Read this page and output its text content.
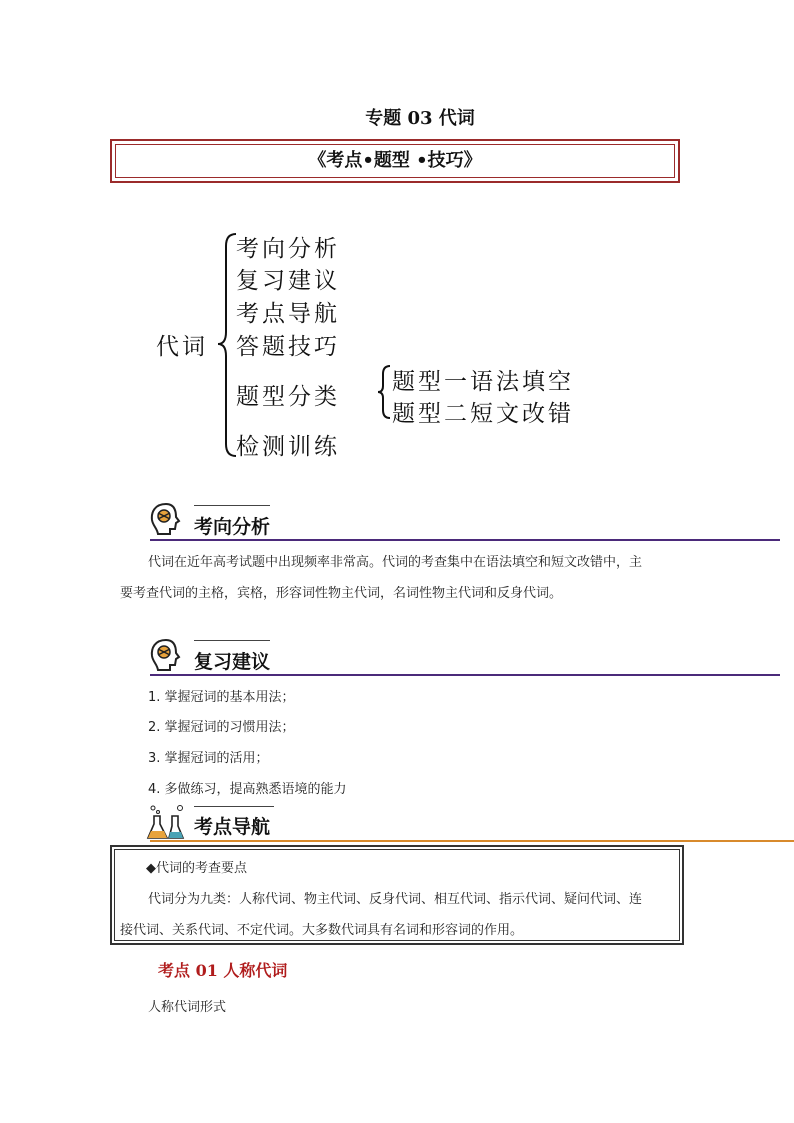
专题 03 代词
《考点•题型 •技巧》
代词
考向分析
复习建议
考点导航
答题技巧
题型分类
检测训练
题型一语法填空
题型二短文改错
考向分析
代词在近年高考试题中出现频率非常高。代词的考查集中在语法填空和短文改错中，主
要考查代词的主格，宾格，形容词性物主代词，名词性物主代词和反身代词。
复习建议
1. 掌握冠词的基本用法；
2. 掌握冠词的习惯用法；
3. 掌握冠词的活用；
4. 多做练习，提高熟悉语境的能力
考点导航
◆代词的考查要点
代词分为九类：人称代词、物主代词、反身代词、相互代词、指示代词、疑问代词、连
接代词、关系代词、不定代词。大多数代词具有名词和形容词的作用。
考点 01 人称代词
人称代词形式
